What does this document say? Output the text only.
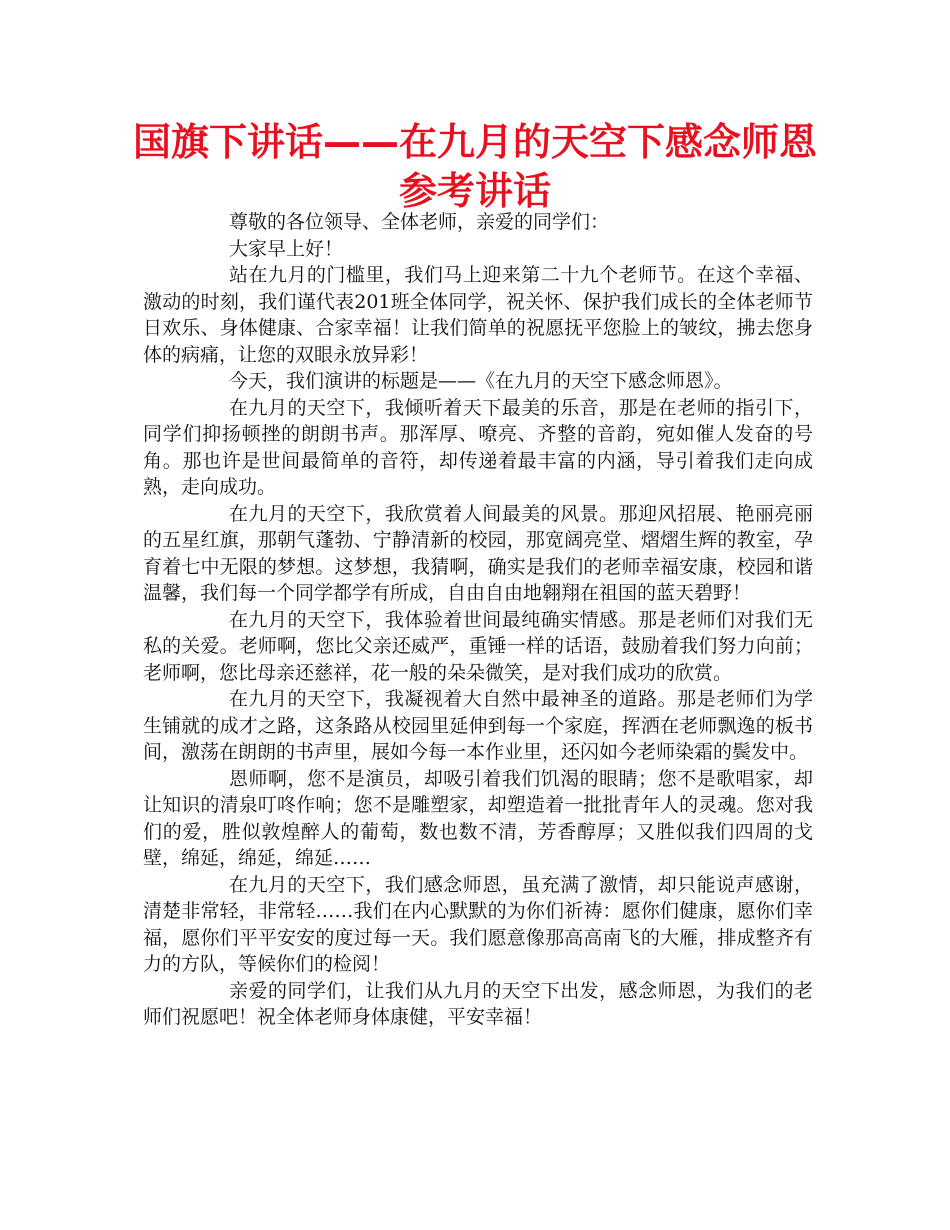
国旗下讲话——在九月的天空下感念师恩
参考讲话

尊敬的各位领导、全体老师，亲爱的同学们：

大家早上好！

站在九月的门槛里，我们马上迎来第二十九个老师节。在这个幸福、激动的时刻，我们谨代表201班全体同学，祝关怀、保护我们成长的全体老师节日欢乐、身体健康、合家幸福！让我们简单的祝愿抚平您脸上的皱纹，拂去您身体的病痛，让您的双眼永放异彩！

今天，我们演讲的标题是——《在九月的天空下感念师恩》。

在九月的天空下，我倾听着天下最美的乐音，那是在老师的指引下，同学们抑扬顿挫的朗朗书声。那浑厚、嘹亮、齐整的音韵，宛如催人发奋的号角。那也许是世间最简单的音符，却传递着最丰富的内涵，导引着我们走向成熟，走向成功。

在九月的天空下，我欣赏着人间最美的风景。那迎风招展、艳丽亮丽的五星红旗，那朝气蓬勃、宁静清新的校园，那宽阔亮堂、熠熠生辉的教室，孕育着七中无限的梦想。这梦想，我猜啊，确实是我们的老师幸福安康，校园和谐温馨，我们每一个同学都学有所成，自由自由地翱翔在祖国的蓝天碧野！

在九月的天空下，我体验着世间最纯确实情感。那是老师们对我们无私的关爱。老师啊，您比父亲还威严，重锤一样的话语，鼓励着我们努力向前；老师啊，您比母亲还慈祥，花一般的朵朵微笑，是对我们成功的欣赏。

在九月的天空下，我凝视着大自然中最神圣的道路。那是老师们为学生铺就的成才之路，这条路从校园里延伸到每一个家庭，挥洒在老师飘逸的板书间，激荡在朗朗的书声里，展如今每一本作业里，还闪如今老师染霜的鬓发中。

恩师啊，您不是演员，却吸引着我们饥渴的眼睛；您不是歌唱家，却让知识的清泉叮咚作响；您不是雕塑家，却塑造着一批批青年人的灵魂。您对我们的爱，胜似敦煌醉人的葡萄，数也数不清，芳香醇厚；又胜似我们四周的戈壁，绵延，绵延，绵延……

在九月的天空下，我们感念师恩，虽充满了激情，却只能说声感谢，清楚非常轻，非常轻……我们在内心默默的为你们祈祷：愿你们健康，愿你们幸福，愿你们平平安安的度过每一天。我们愿意像那高高南飞的大雁，排成整齐有力的方队，等候你们的检阅！

亲爱的同学们，让我们从九月的天空下出发，感念师恩，为我们的老师们祝愿吧！祝全体老师身体康健，平安幸福！
